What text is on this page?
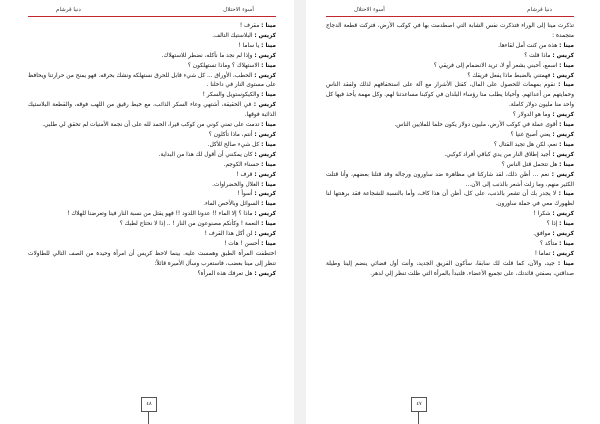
دنيا قرشام	أسوء الاحتلال

مينا : مقرف !

كريس : البلاستيك التالف.

مينا : يا ساما !

كريس : وإذا لم نجد ما نأكله، نضطر للاستهلاك.

مينا : الاستهلاك ؟ وماذا تستهلكون ؟

كريس : الحطب، الأوراق ... كل شيء قابل للحرق نستهلكه ونشك بحرقه. فهو يمنح من حرارتنا ويحافظ على مستوى النار في داخلنا .

مينا : والكيكوستويل والسكر !

كريس : في الحقيقة، أشتهي وعاء السكر الذائب، مع خيط رقيق من اللهب فوقه، والقطعة البلاستيك الذائبة فوقها.

مينا : تدمت على تمني كوني من كوكب قيرا، الحمد لله على أن نجمة الأمنيات لم تحقق لي طلبي.

كريس : أنتم، ماذا تأكلون ؟

مينا : كل شيء صالح للأكل.

كريس : كان يمكنني أن أقول لك هذا من البداية.

مينا : حسناء الكوجم.

كريس : قرف !

مينا : الغلال والخضراوات.

كريس : أسوأ !

مينا : السوائل وبالأخص الماء.

كريس : ماذا ؟ إلا الماء !! عدونا اللدود !! فهو يقتل من نسبة النار فينا وتعرضنا للهلاك !

مينا : النعمة ! وكأنكم مصنوعون من النار ! .. إذا لا نحتاج لطبك ؟

كريس : لن أكل هذا القرف !

مينا : أحسن ! هات !

اختطفت المرأة الطبق وهمست عليه. بينما لاحظ كريس أن امرأة وحيدة من الصف التالي للطاولات تنظر إلى مينا بغضب، فاستغرب وسأل الأميرة قائلاً:

كريس : هل تعرفك هذه المرأة؟

٤٨
أسوء الاحتلال	دنيا قرشام

تذكرت مينا إلى الوراء فتذكرت نفس الشابة التي اصطدمت بها في كوكب الأرض، فتركت قطعة الدجاج متجمدة :

مينا : هذه من كنت أمل لقاءها.

كريس : ماذا قلت ؟

مينا : اسمع، أحبني بشعر أو لا، تريد الانضمام إلى فريقي ؟

كريس : فهمتني بالضبط ماذا يفعل فريقك ؟

مينا : نقوم بمهمات للحصول على المال، كقتل الأشرار مع آلة على استخفافهم لذلك ولفقد الناس وحمايتهم من أعدائهم. وأحيانا يطلب منا رؤساء البلدان في كوكبنا مساعدتنا لهم. وكل مهمة يأخذ فيها كل واحد منا مليون دولار كاملة.

كريس : وما هو الدولار ؟

مينا : أقوى عملة في كوكب الأرض، مليون دولار يكون حلما للملايين الناس.

كريس : يعني أصبح غنيا ؟

مينا : نعم، لكن هل تجيد القتال ؟

كريس : أجيد إطلاق النار من يدي كباقي أفراد كوكبي.

مينا : هل تتحمل قتل الناس ؟

كريس : نعم ... أظن ذلك، لقد شاركنا في مظاهرة ضد ساورون ورجاله وقد قتلنا بعضهم، وأنا قتلت الكثير منهم، وما زلت أشعر بالذنب إلى الآن...

مينا : لا يجدر بك أن تشعر بالذنب، على كل، أظن أن هذا كاف، وأما بالنسبة للشجاعة فقد برهنتها لنا لظهورك معي في حملة ساورون.

كريس : شكرا !

مينا : إذا ؟

كريس : موافق.

مينا : متأكد ؟

كريس : تماما !

مينا : جيد، والآن، كما قلت لك سابقا، سأكون الفريق الجديد، وأنت أول فضائي ينضم إلينا وطيلة صداقتي، بصفتي قائدتك، على تجميع الأعضاء. فلتبدأ بالمرأة التي ظلت تنظر إلي لدهر.

٤٧
